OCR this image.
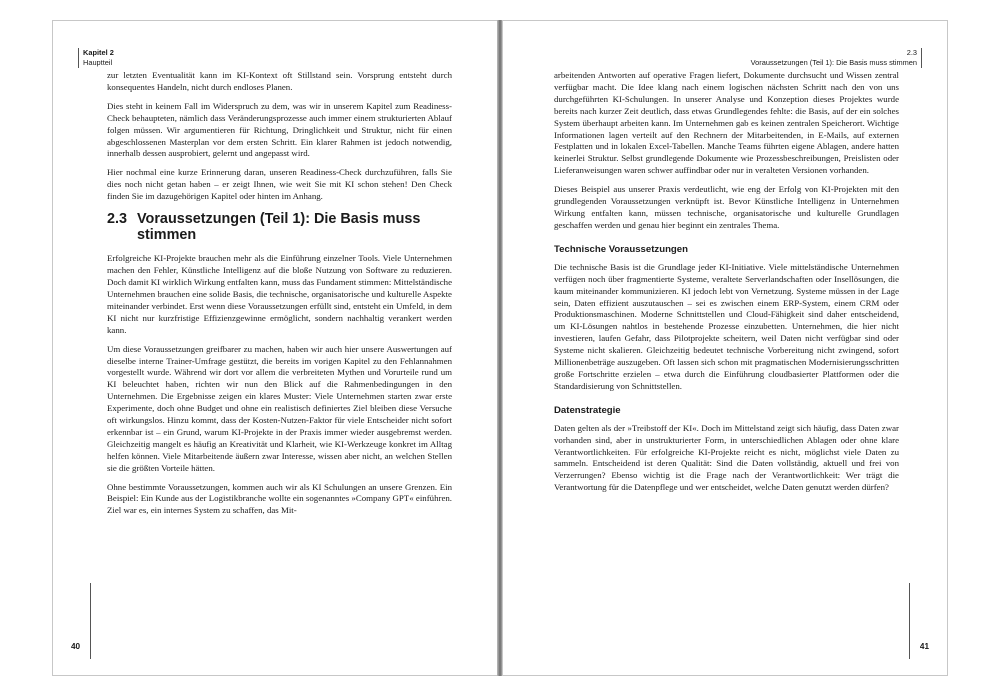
Kapitel 2
Hauptteil

zur letzten Eventualität kann im KI-Kontext oft Stillstand sein. Vorsprung entsteht durch konsequentes Handeln, nicht durch endloses Planen.

Dies steht in keinem Fall im Widerspruch zu dem, was wir in unserem Kapitel zum Readiness-Check behaupteten, nämlich dass Veränderungsprozesse auch immer einem strukturierten Ablauf folgen müssen. Wir argumentieren für Richtung, Dringlichkeit und Struktur, nicht für einen abgeschlossenen Masterplan vor dem ersten Schritt. Ein klarer Rahmen ist jedoch notwendig, innerhalb dessen ausprobiert, gelernt und angepasst wird.

Hier nochmal eine kurze Erinnerung daran, unseren Readiness-Check durchzuführen, falls Sie dies noch nicht getan haben – er zeigt Ihnen, wie weit Sie mit KI schon stehen! Den Check finden Sie im dazugehörigen Kapitel oder hinten im Anhang.

2.3 Voraussetzungen (Teil 1): Die Basis muss stimmen

Erfolgreiche KI-Projekte brauchen mehr als die Einführung einzelner Tools. Viele Unternehmen machen den Fehler, Künstliche Intelligenz auf die bloße Nutzung von Software zu reduzieren. Doch damit KI wirklich Wirkung entfalten kann, muss das Fundament stimmen: Mittelständische Unternehmen brauchen eine solide Basis, die technische, organisatorische und kulturelle Aspekte miteinander verbindet. Erst wenn diese Voraussetzungen erfüllt sind, entsteht ein Umfeld, in dem KI nicht nur kurzfristige Effizienzgewinne ermöglicht, sondern nachhaltig verankert werden kann.

Um diese Voraussetzungen greifbarer zu machen, haben wir auch hier unsere Auswertungen auf dieselbe interne Trainer-Umfrage gestützt, die bereits im vorigen Kapitel zu den Fehlannahmen vorgestellt wurde. Während wir dort vor allem die verbreiteten Mythen und Vorurteile rund um KI beleuchtet haben, richten wir nun den Blick auf die Rahmenbedingungen in den Unternehmen. Die Ergebnisse zeigen ein klares Muster: Viele Unternehmen starten zwar erste Experimente, doch ohne Budget und ohne ein realistisch definiertes Ziel bleiben diese Versuche oft wirkungslos. Hinzu kommt, dass der Kosten-Nutzen-Faktor für viele Entscheider nicht sofort erkennbar ist – ein Grund, warum KI-Projekte in der Praxis immer wieder ausgebremst werden. Gleichzeitig mangelt es häufig an Kreativität und Klarheit, wie KI-Werkzeuge konkret im Alltag helfen können. Viele Mitarbeitende äußern zwar Interesse, wissen aber nicht, an welchen Stellen sie die größten Vorteile hätten.

Ohne bestimmte Voraussetzungen, kommen auch wir als KI Schulungen an unsere Grenzen. Ein Beispiel: Ein Kunde aus der Logistikbranche wollte ein sogenanntes »Company GPT« einführen. Ziel war es, ein internes System zu schaffen, das Mit-

40
2.3
Voraussetzungen (Teil 1): Die Basis muss stimmen

arbeitenden Antworten auf operative Fragen liefert, Dokumente durchsucht und Wissen zentral verfügbar macht. Die Idee klang nach einem logischen nächsten Schritt nach den von uns durchgeführten KI-Schulungen. In unserer Analyse und Konzeption dieses Projektes wurde bereits nach kurzer Zeit deutlich, dass etwas Grundlegendes fehlte: die Basis, auf der ein solches System überhaupt arbeiten kann. Im Unternehmen gab es keinen zentralen Speicherort. Wichtige Informationen lagen verteilt auf den Rechnern der Mitarbeitenden, in E-Mails, auf externen Festplatten und in lokalen Excel-Tabellen. Manche Teams führten eigene Ablagen, andere hatten keinerlei Struktur. Selbst grundlegende Dokumente wie Prozessbeschreibungen, Preislisten oder Lieferanweisungen waren schwer auffindbar oder nur in veralteten Versionen vorhanden.

Dieses Beispiel aus unserer Praxis verdeutlicht, wie eng der Erfolg von KI-Projekten mit den grundlegenden Voraussetzungen verknüpft ist. Bevor Künstliche Intelligenz in Unternehmen Wirkung entfalten kann, müssen technische, organisatorische und kulturelle Grundlagen geschaffen werden und genau hier beginnt ein zentrales Thema.

Technische Voraussetzungen

Die technische Basis ist die Grundlage jeder KI-Initiative. Viele mittelständische Unternehmen verfügen noch über fragmentierte Systeme, veraltete Serverlandschaften oder Insellösungen, die kaum miteinander kommunizieren. KI jedoch lebt von Vernetzung. Systeme müssen in der Lage sein, Daten effizient auszutauschen – sei es zwischen einem ERP-System, einem CRM oder Produktionsmaschinen. Moderne Schnittstellen und Cloud-Fähigkeit sind daher entscheidend, um KI-Lösungen nahtlos in bestehende Prozesse einzubetten. Unternehmen, die hier nicht investieren, laufen Gefahr, dass Pilotprojekte scheitern, weil Daten nicht verfügbar sind oder Systeme nicht skalieren. Gleichzeitig bedeutet technische Vorbereitung nicht zwingend, sofort Millionenbeträge auszugeben. Oft lassen sich schon mit pragmatischen Modernisierungsschritten große Fortschritte erzielen – etwa durch die Einführung cloudbasierter Plattformen oder die Standardisierung von Schnittstellen.

Datenstrategie

Daten gelten als der »Treibstoff der KI«. Doch im Mittelstand zeigt sich häufig, dass Daten zwar vorhanden sind, aber in unstrukturierter Form, in unterschiedlichen Ablagen oder ohne klare Verantwortlichkeiten. Für erfolgreiche KI-Projekte reicht es nicht, möglichst viele Daten zu sammeln. Entscheidend ist deren Qualität: Sind die Daten vollständig, aktuell und frei von Verzerrungen? Ebenso wichtig ist die Frage nach der Verantwortlichkeit: Wer trägt die Verantwortung für die Datenpflege und wer entscheidet, welche Daten genutzt werden dürfen?

41
